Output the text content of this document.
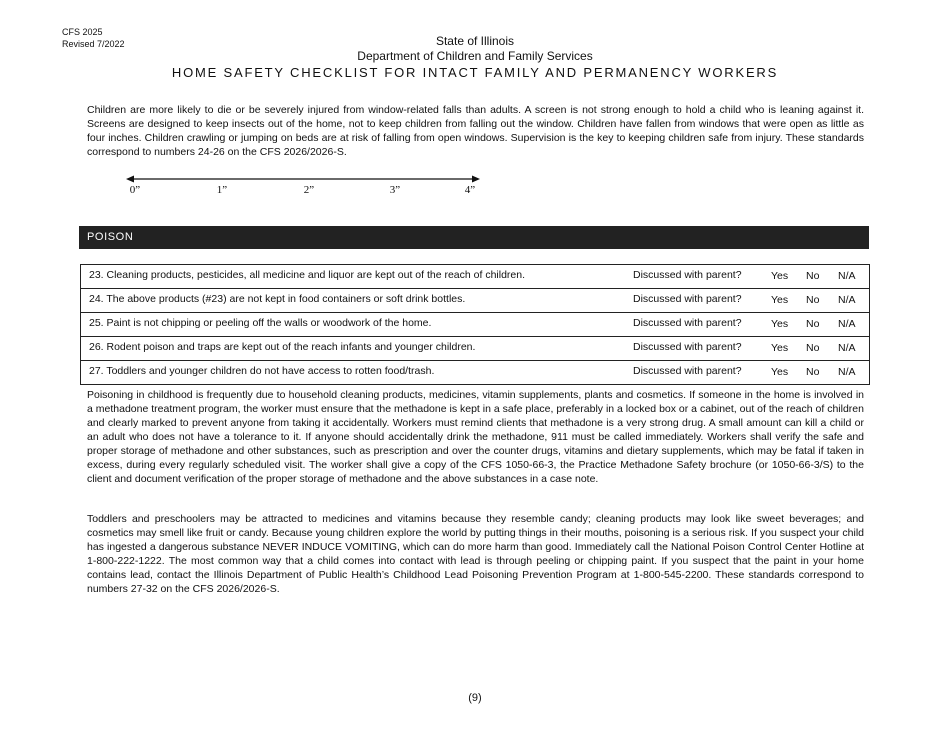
CFS 2025
Revised 7/2022	State of Illinois
Department of Children and Family Services
HOME SAFETY CHECKLIST FOR INTACT FAMILY AND PERMANENCY WORKERS
Children are more likely to die or be severely injured from window-related falls than adults. A screen is not strong enough to hold a child who is leaning against it. Screens are designed to keep insects out of the home, not to keep children from falling out the window. Children have fallen from windows that were open as little as four inches. Children crawling or jumping on beds are at risk of falling from open windows. Supervision is the key to keeping children safe from injury. These standards correspond to numbers 24-26 on the CFS 2026/2026-S.
0”	1”	2”	3”	4”
POISON
23. Cleaning products, pesticides, all medicine and liquor are kept out of the reach of children.	Discussed with parent?	Yes No N/A
24. The above products (#23) are not kept in food containers or soft drink bottles.	Discussed with parent?	Yes No N/A
25. Paint is not chipping or peeling off the walls or woodwork of the home.	Discussed with parent?	Yes No N/A
26. Rodent poison and traps are kept out of the reach infants and younger children.	Discussed with parent?	Yes No N/A
27. Toddlers and younger children do not have access to rotten food/trash.	Discussed with parent?	Yes No N/A
Poisoning in childhood is frequently due to household cleaning products, medicines, vitamin supplements, plants and cosmetics. If someone in the home is involved in a methadone treatment program, the worker must ensure that the methadone is kept in a safe place, preferably in a locked box or a cabinet, out of the reach of children and clearly marked to prevent anyone from taking it accidentally. Workers must remind clients that methadone is a very strong drug. A small amount can kill a child or an adult who does not have a tolerance to it. If anyone should accidentally drink the methadone, 911 must be called immediately. Workers shall verify the safe and proper storage of methadone and other substances, such as prescription and over the counter drugs, vitamins and dietary supplements, which may be fatal if taken in excess, during every regularly scheduled visit. The worker shall give a copy of the CFS 1050-66-3, the Practice Methadone Safety brochure (or 1050-66-3/S) to the client and document verification of the proper storage of methadone and the above substances in a case note.
Toddlers and preschoolers may be attracted to medicines and vitamins because they resemble candy; cleaning products may look like sweet beverages; and cosmetics may smell like fruit or candy. Because young children explore the world by putting things in their mouths, poisoning is a serious risk. If you suspect your child has ingested a dangerous substance NEVER INDUCE VOMITING, which can do more harm than good. Immediately call the National Poison Control Center Hotline at 1-800-222-1222. The most common way that a child comes into contact with lead is through peeling or chipping paint. If you suspect that the paint in your home contains lead, contact the Illinois Department of Public Health’s Childhood Lead Poisoning Prevention Program at 1-800-545-2200. These standards correspond to numbers 27-32 on the CFS 2026/2026-S.
(9)
